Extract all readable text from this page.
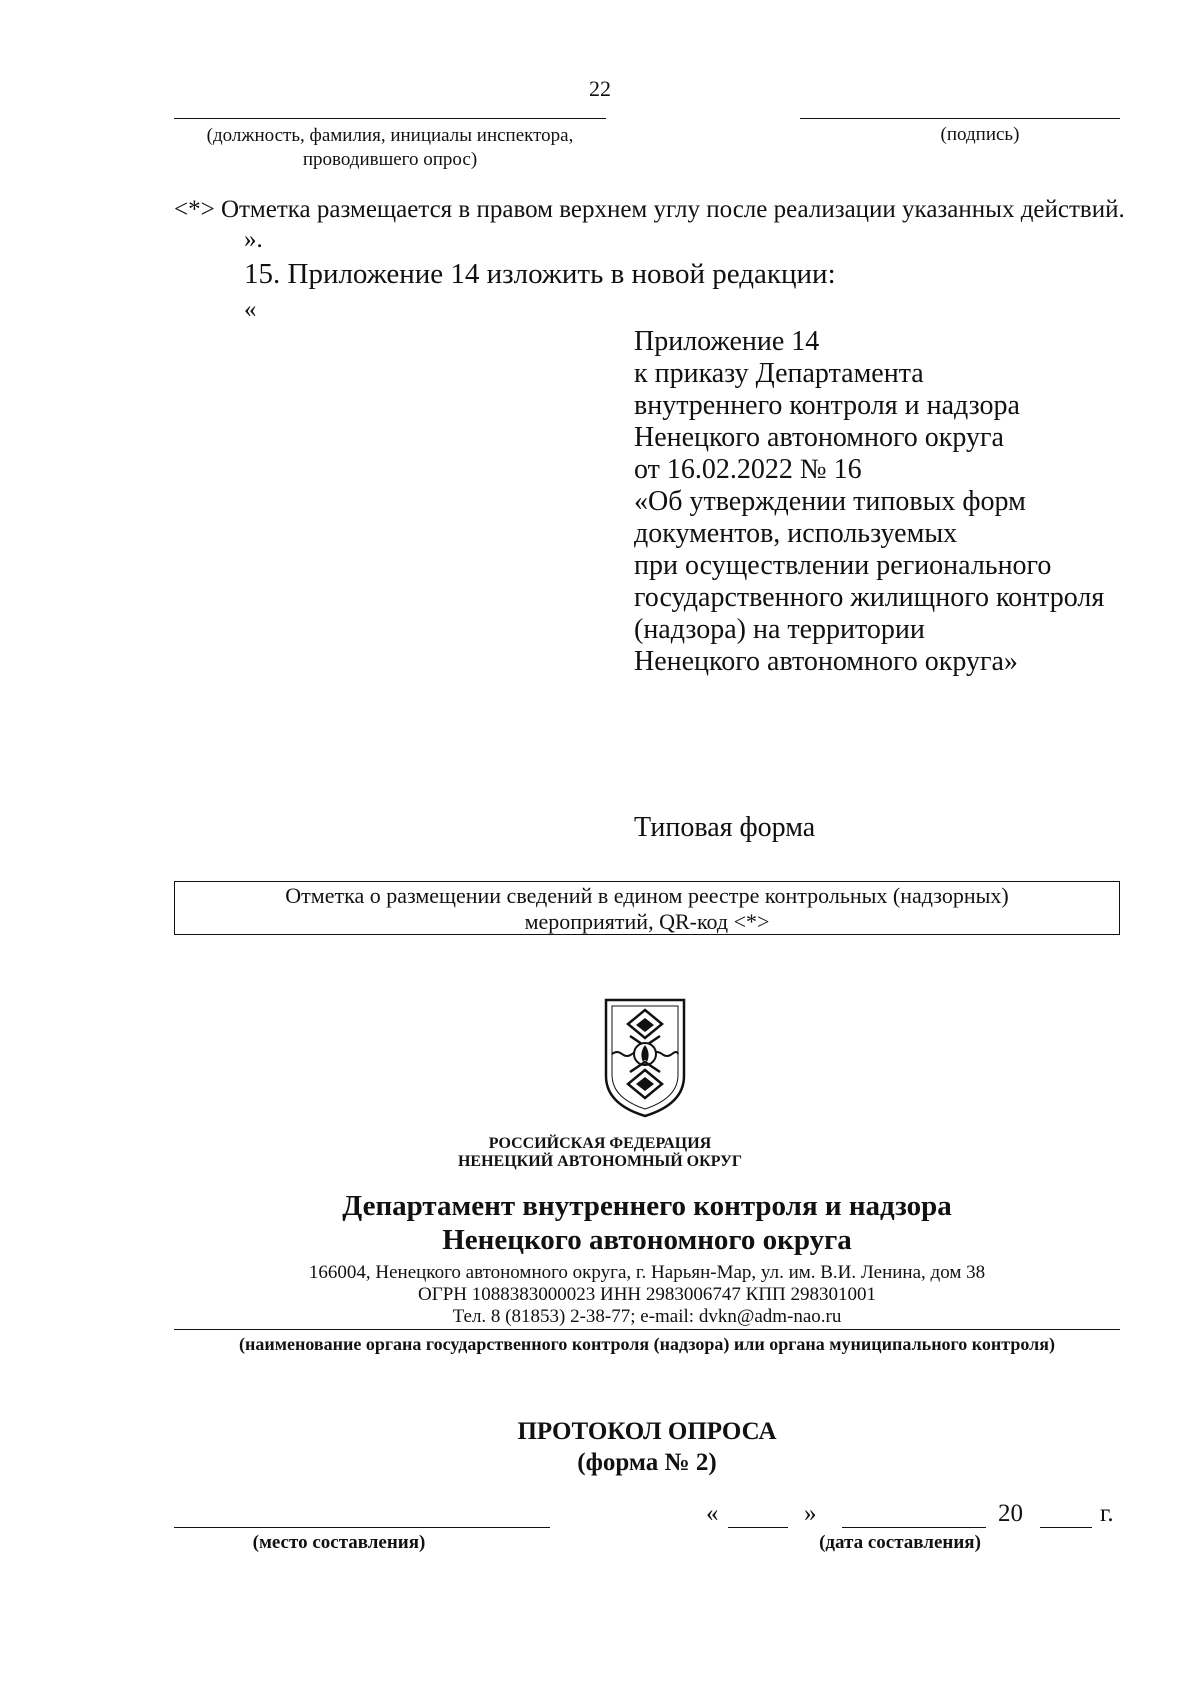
22
(должность, фамилия, инициалы инспектора,
проводившего опрос)
(подпись)
<*> Отметка размещается в правом верхнем углу после реализации указанных действий.
».
15. Приложение 14 изложить в новой редакции:
«
Приложение 14
к приказу Департамента
внутреннего контроля и надзора
Ненецкого автономного округа
от 16.02.2022 № 16
«Об утверждении типовых форм
документов, используемых
при осуществлении регионального
государственного жилищного контроля
(надзора) на территории
Ненецкого автономного округа»
Типовая форма
Отметка о размещении сведений в едином реестре контрольных (надзорных)
мероприятий, QR-код <*>
РОССИЙСКАЯ ФЕДЕРАЦИЯ
НЕНЕЦКИЙ АВТОНОМНЫЙ ОКРУГ
Департамент внутреннего контроля и надзора
Ненецкого автономного округа
166004, Ненецкого автономного округа, г. Нарьян-Мар, ул. им. В.И. Ленина, дом 38
ОГРН 1088383000023 ИНН 2983006747 КПП 298301001
Тел. 8 (81853) 2-38-77; e-mail: dvkn@adm-nao.ru
(наименование органа государственного контроля (надзора) или органа муниципального контроля)
ПРОТОКОЛ ОПРОСА
(форма № 2)
(место составления)
«	»	20	г.
(дата составления)
